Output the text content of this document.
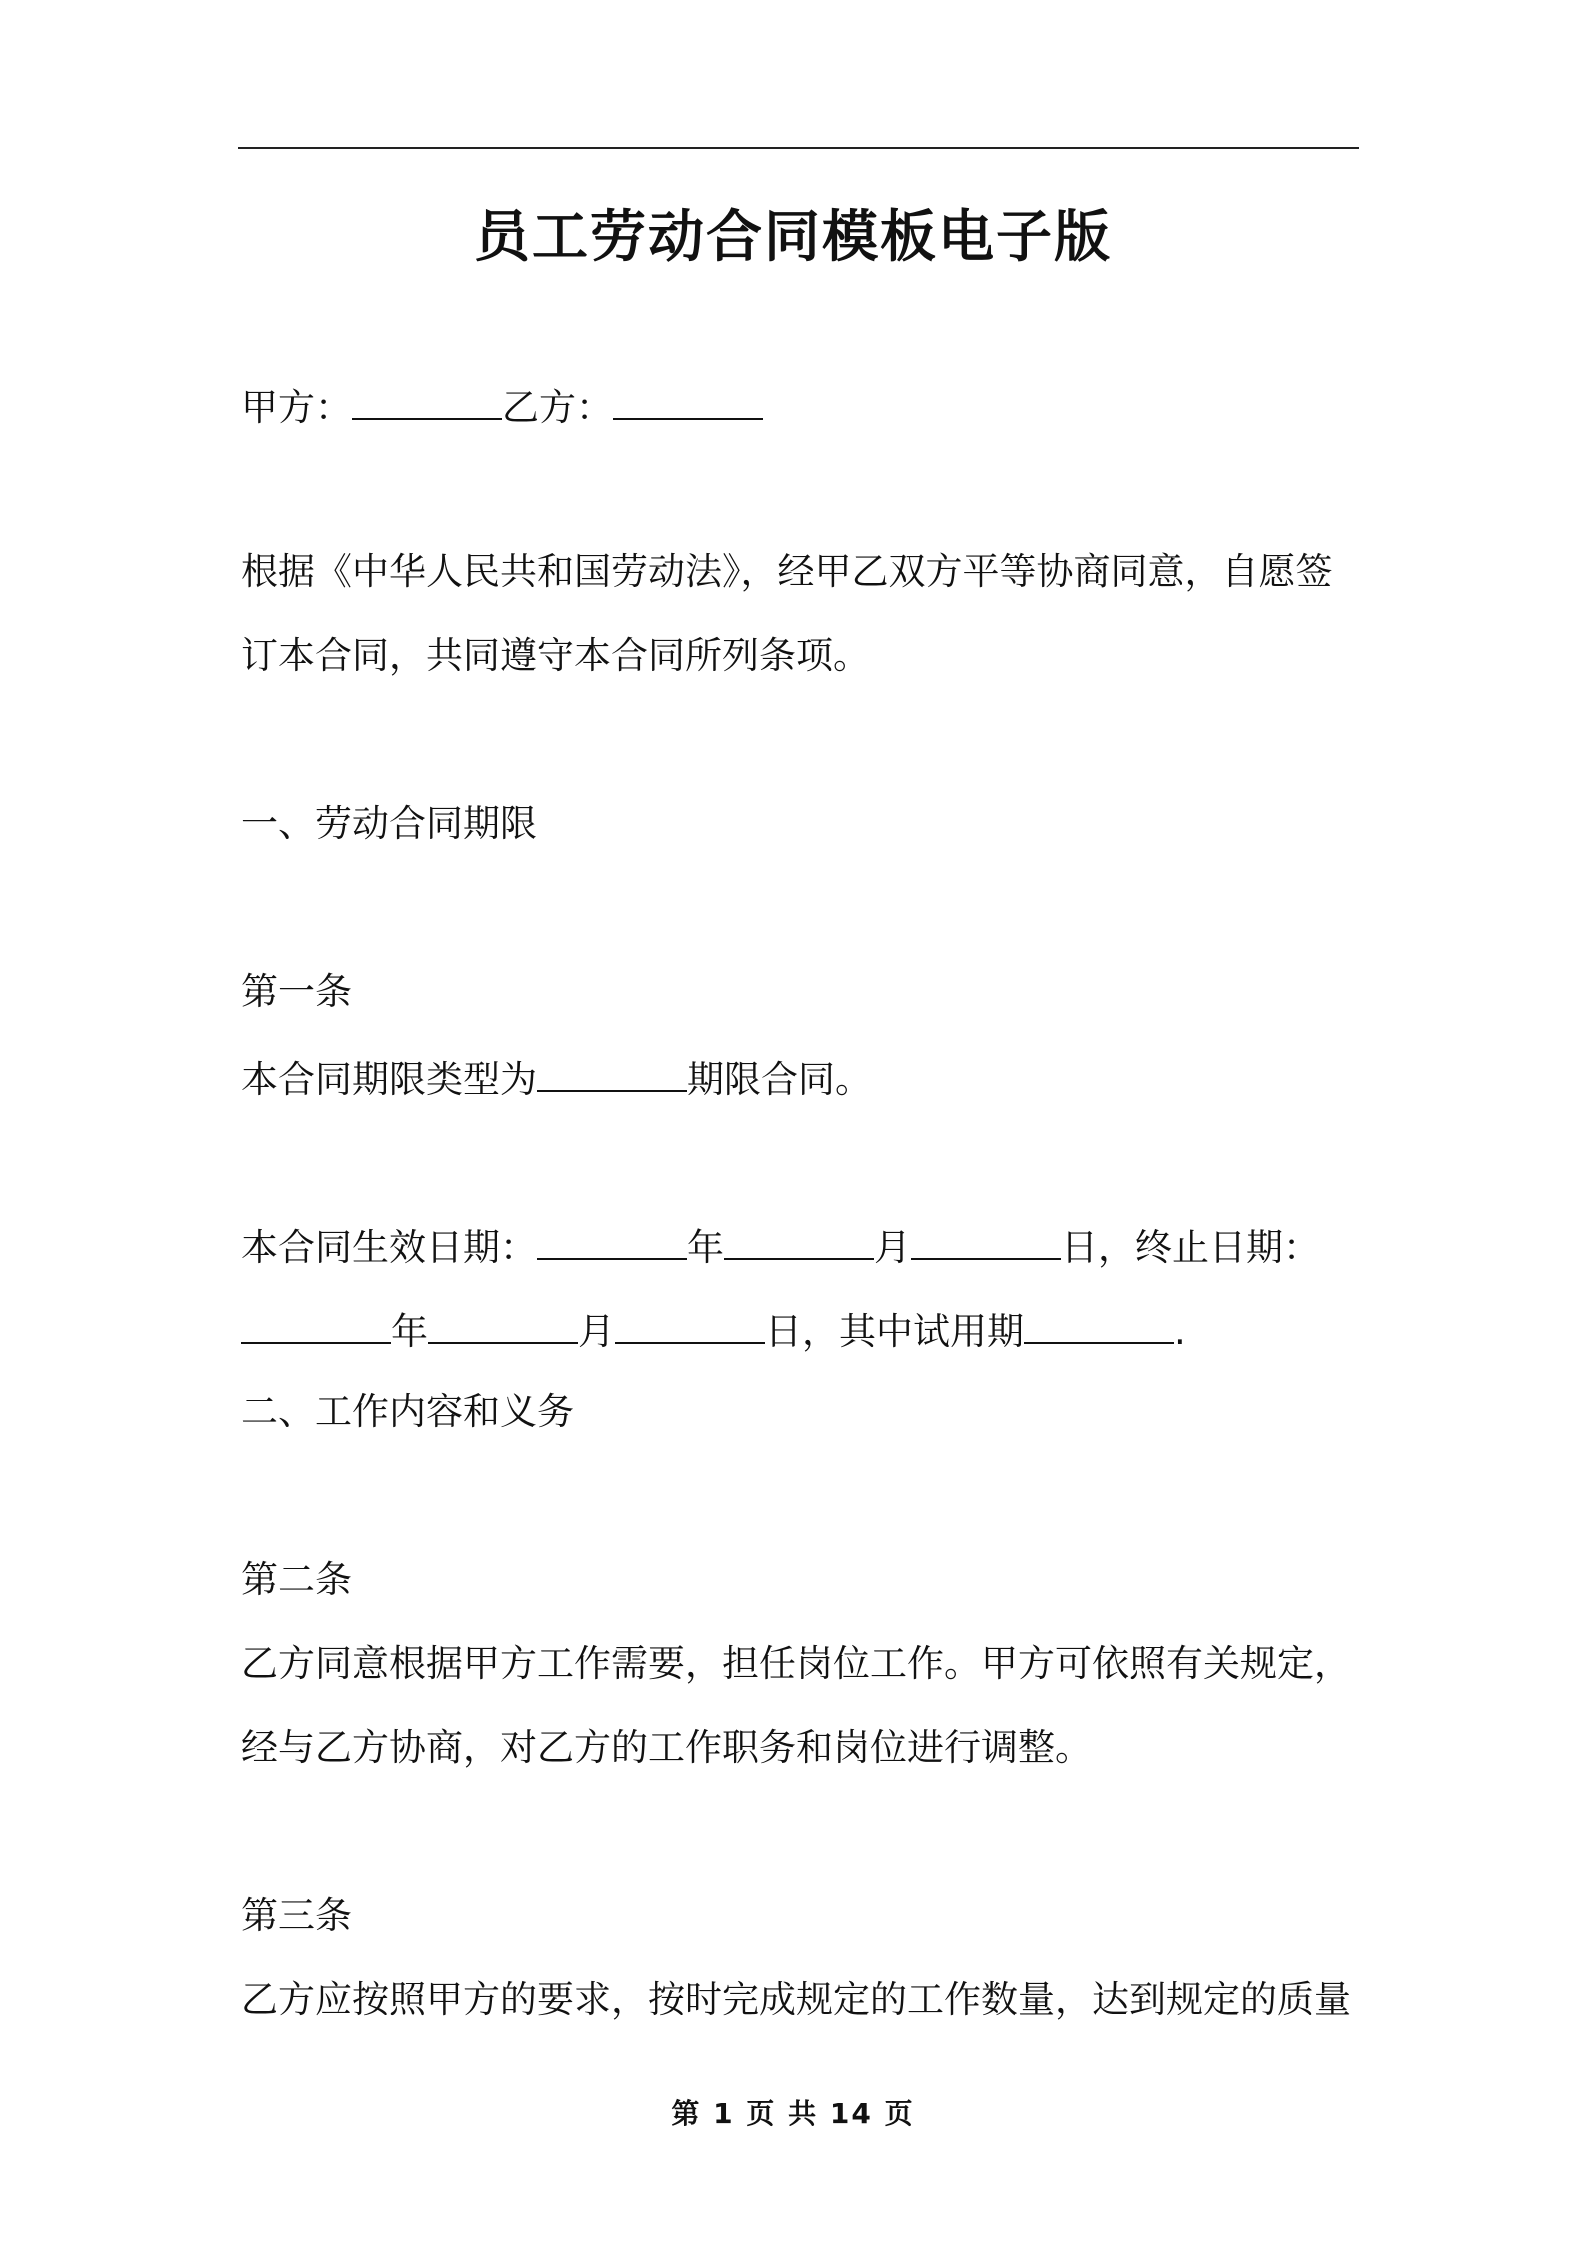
员工劳动合同模板电子版
甲方：	乙方：
根据《中华人民共和国劳动法》，经甲乙双方平等协商同意，自愿签
订本合同，共同遵守本合同所列条项。
一、劳动合同期限
第一条
本合同期限类型为	期限合同。
本合同生效日期：	年	月	日，终止日期：
年	月	日，其中试用期	.
二、工作内容和义务
第二条
乙方同意根据甲方工作需要，担任岗位工作。甲方可依照有关规定，
经与乙方协商，对乙方的工作职务和岗位进行调整。
第三条
乙方应按照甲方的要求，按时完成规定的工作数量，达到规定的质量
第 1 页 共 14 页
